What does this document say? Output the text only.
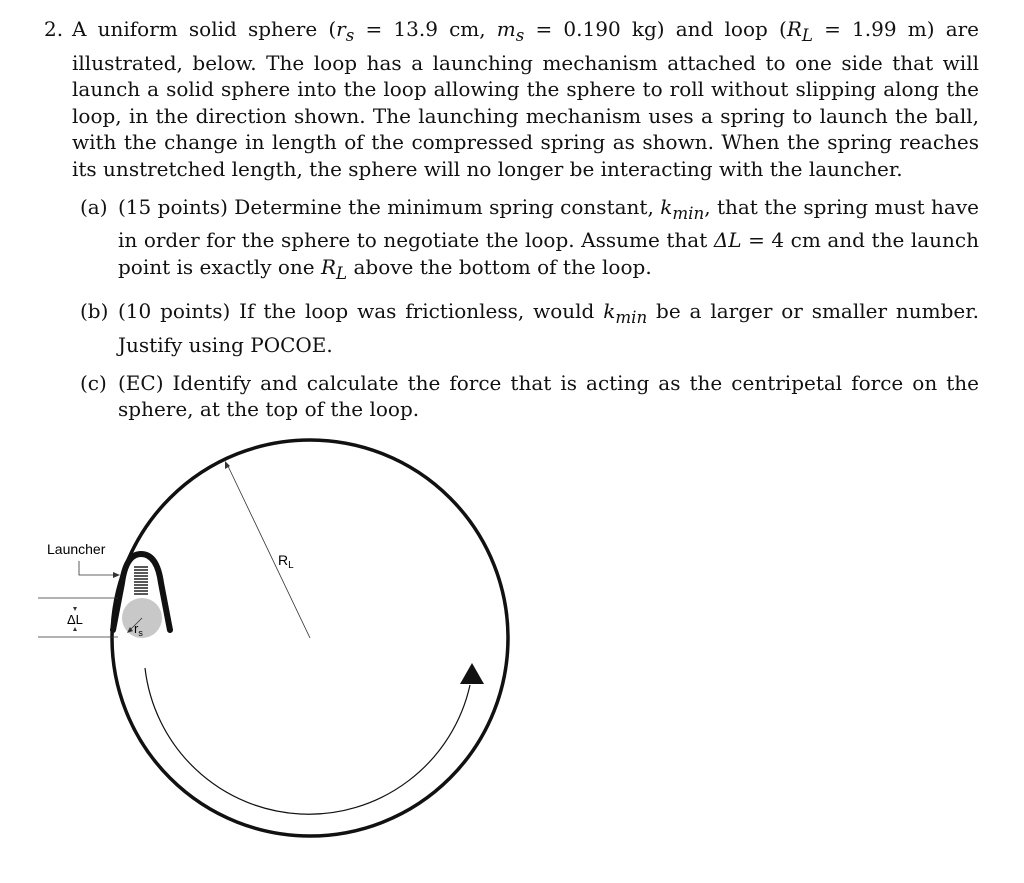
2. A uniform solid sphere ($r_s = 13.9$ cm, $m_s = 0.190$ kg) and loop ($R_L = 1.99$ m) are illustrated, below. The loop has a launching mechanism attached to one side that will launch a solid sphere into the loop allowing the sphere to roll without slipping along the loop, in the direction shown. The launching mechanism uses a spring to launch the ball, with the change in length of the compressed spring as shown. When the spring reaches its unstretched length, the sphere will no longer be interacting with the launcher.
(a) (15 points) Determine the minimum spring constant, $k_{min}$, that the spring must have in order for the sphere to negotiate the loop. Assume that ΔL = 4 cm and the launch point is exactly one $R_L$ above the bottom of the loop.
(b) (10 points) If the loop was frictionless, would $k_{min}$ be a larger or smaller number. Justify using POCOE.
(c) (EC) Identify and calculate the force that is acting as the centripetal force on the sphere, at the top of the loop.
$R_L$
$r_s$
Launcher
ΔL
